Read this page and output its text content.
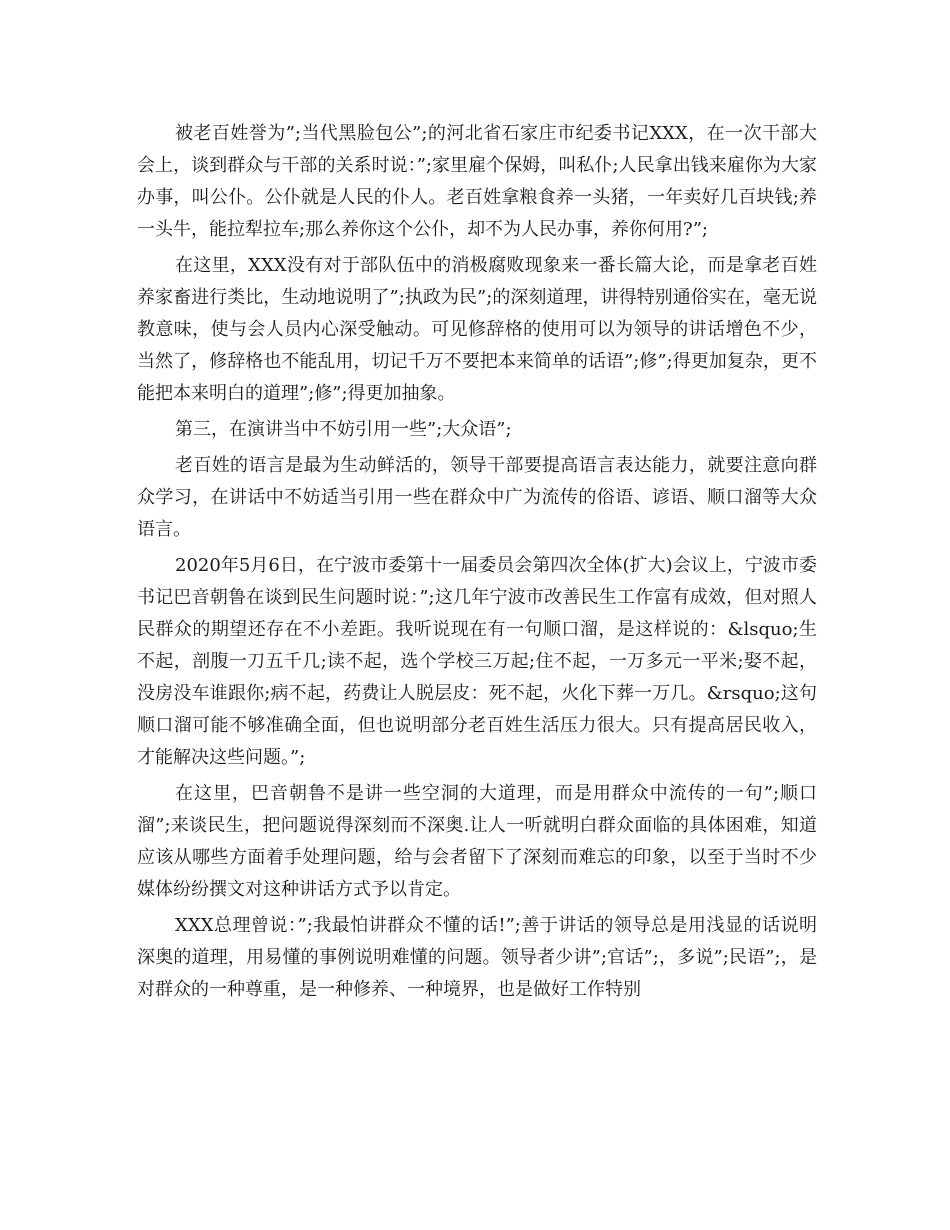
被老百姓誉为”;当代黑脸包公”;的河北省石家庄市纪委书记XXX，在一次干部大会上，谈到群众与干部的关系时说：”;家里雇个保姆，叫私仆;人民拿出钱来雇你为大家办事，叫公仆。公仆就是人民的仆人。老百姓拿粮食养一头猪，一年卖好几百块钱;养一头牛，能拉犁拉车;那么养你这个公仆，却不为人民办事，养你何用?”;

在这里，XXX没有对于部队伍中的消极腐败现象来一番长篇大论，而是拿老百姓养家畜进行类比，生动地说明了”;执政为民”;的深刻道理，讲得特别通俗实在，毫无说教意味，使与会人员内心深受触动。可见修辞格的使用可以为领导的讲话增色不少，当然了，修辞格也不能乱用，切记千万不要把本来简单的话语”;修”;得更加复杂，更不能把本来明白的道理”;修”;得更加抽象。

第三，在演讲当中不妨引用一些”;大众语”;

老百姓的语言是最为生动鲜活的，领导干部要提高语言表达能力，就要注意向群众学习，在讲话中不妨适当引用一些在群众中广为流传的俗语、谚语、顺口溜等大众语言。

2020年5月6日，在宁波市委第十一届委员会第四次全体(扩大)会议上，宁波市委书记巴音朝鲁在谈到民生问题时说：”;这几年宁波市改善民生工作富有成效，但对照人民群众的期望还存在不小差距。我听说现在有一句顺口溜，是这样说的：&lsquo;生不起，剖腹一刀五千几;读不起，选个学校三万起;住不起，一万多元一平米;娶不起，没房没车谁跟你;病不起，药费让人脱层皮：死不起，火化下葬一万几。&rsquo;这句顺口溜可能不够准确全面，但也说明部分老百姓生活压力很大。只有提高居民收入，才能解决这些问题。”;

在这里，巴音朝鲁不是讲一些空洞的大道理，而是用群众中流传的一句”;顺口溜”;来谈民生，把问题说得深刻而不深奥.让人一听就明白群众面临的具体困难，知道应该从哪些方面着手处理问题，给与会者留下了深刻而难忘的印象，以至于当时不少媒体纷纷撰文对这种讲话方式予以肯定。

XXX总理曾说：”;我最怕讲群众不懂的话!”;善于讲话的领导总是用浅显的话说明深奥的道理，用易懂的事例说明难懂的问题。领导者少讲”;官话”;，多说”;民语”;，是对群众的一种尊重，是一种修养、一种境界，也是做好工作特别
